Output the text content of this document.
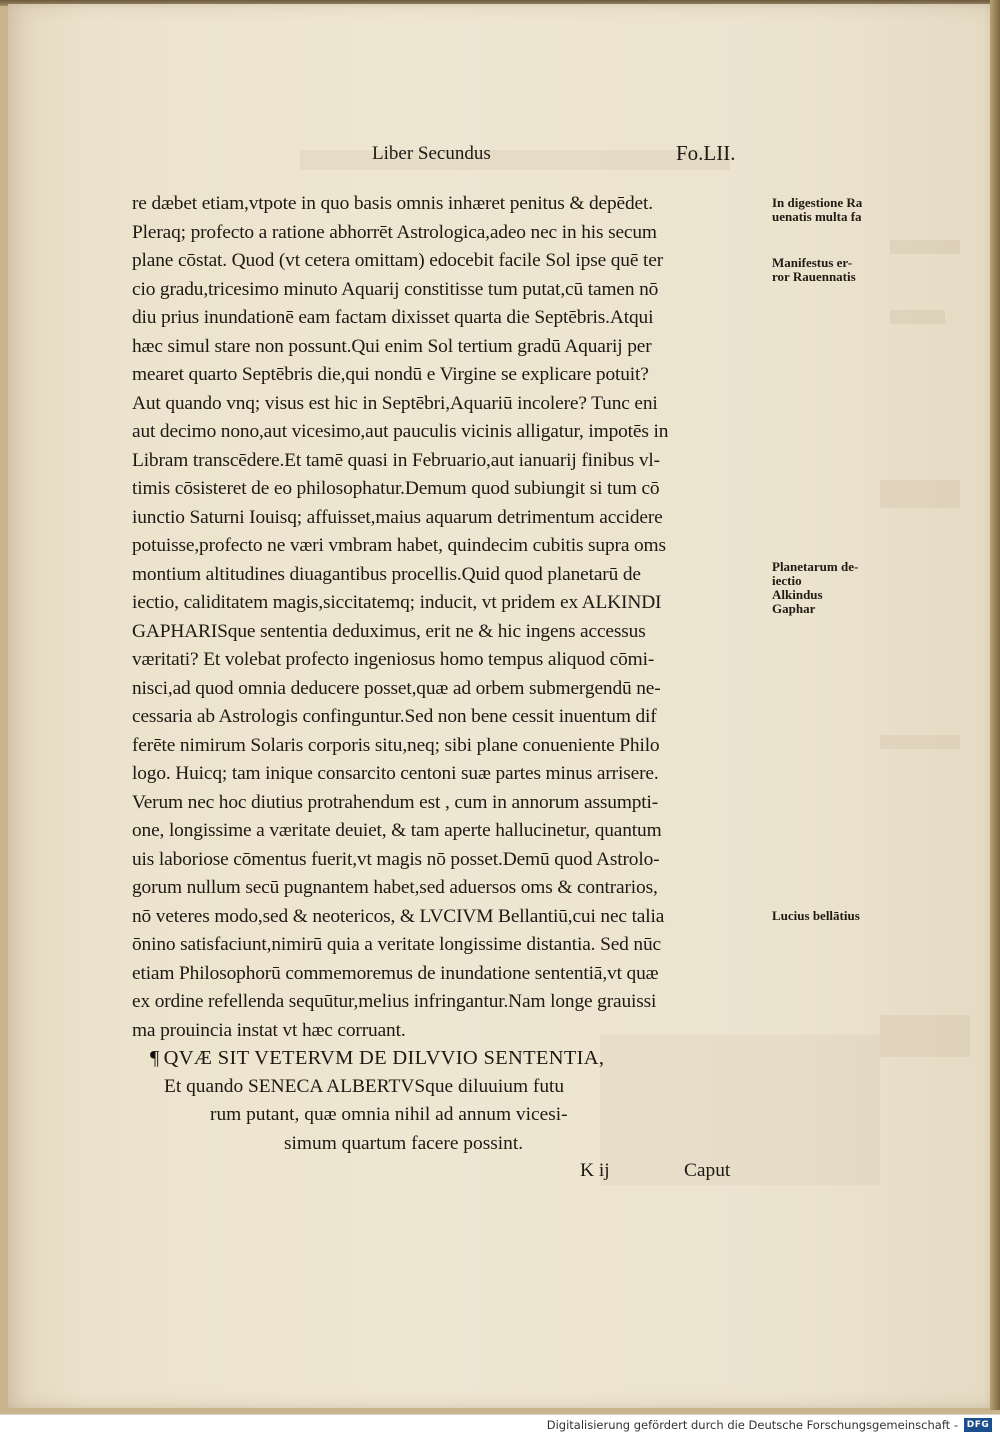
Liber Secundus	Fo.LII.
re dæbet etiam,vtpote in quo basis omnis inhæret penitus & depēdet.
Pleraq; profecto a ratione abhorrēt Astrologica,adeo nec in his secum
plane cōstat. Quod (vt cetera omittam) edocebit facile Sol ipse quē ter
cio gradu,tricesimo minuto Aquarij constitisse tum putat,cū tamen nō
diu prius inundationē eam factam dixisset quarta die Septēbris.Atqui
hæc simul stare non possunt.Qui enim Sol tertium gradū Aquarij per
mearet quarto Septēbris die,qui nondū e Virgine se explicare potuit?
Aut quando vnq; visus est hic in Septēbri,Aquariū incolere? Tunc eni
aut decimo nono,aut vicesimo,aut pauculis vicinis alligatur, impotēs in
Libram transcēdere.Et tamē quasi in Februario,aut ianuarij finibus vl-
timis cōsisteret de eo philosophatur.Demum quod subiungit si tum cō
iunctio Saturni Iouisq; affuisset,maius aquarum detrimentum accidere
potuisse,profecto ne væri vmbram habet, quindecim cubitis supra oms
montium altitudines diuagantibus procellis.Quid quod planetarū de
iectio, caliditatem magis,siccitatemq; inducit, vt pridem ex ALKINDI
GAPHARISque sententia deduximus, erit ne & hic ingens accessus
væritati? Et volebat profecto ingeniosus homo tempus aliquod cōmi-
nisci,ad quod omnia deducere posset,quæ ad orbem submergendū ne-
cessaria ab Astrologis confinguntur.Sed non bene cessit inuentum dif
ferēte nimirum Solaris corporis situ,neq; sibi plane conueniente Philo
logo. Huicq; tam inique consarcito centoni suæ partes minus arrisere.
Verum nec hoc diutius protrahendum est , cum in annorum assumpti-
one, longissime a væritate deuiet, & tam aperte hallucinetur, quantum
uis laboriose cōmentus fuerit,vt magis nō posset.Demū quod Astrolo-
gorum nullum secū pugnantem habet,sed aduersos oms & contrarios,
nō veteres modo,sed & neotericos, & LVCIVM Bellantiū,cui nec talia
ōnino satisfaciunt,nimirū quia a veritate longissime distantia. Sed nūc
etiam Philosophorū commemoremus de inundatione sententiā,vt quæ
ex ordine refellenda sequūtur,melius infringantur.Nam longe grauissi
ma prouincia instat vt hæc corruant.
¶ QVÆ SIT VETERVM DE DILVVIO SENTENTIA,
Et quando SENECA ALBERTVSque diluuium futu
rum putant, quæ omnia nihil ad annum vicesi-
simum quartum facere possint.
K ij	Caput
In digestione Ra
uenatis multa fa
Manifestus er-
ror Rauennatis
Planetarum de-
iectio
Alkindus
Gaphar
Lucius bellātius
Digitalisierung gefördert durch die Deutsche Forschungsgemeinschaft - DFG
